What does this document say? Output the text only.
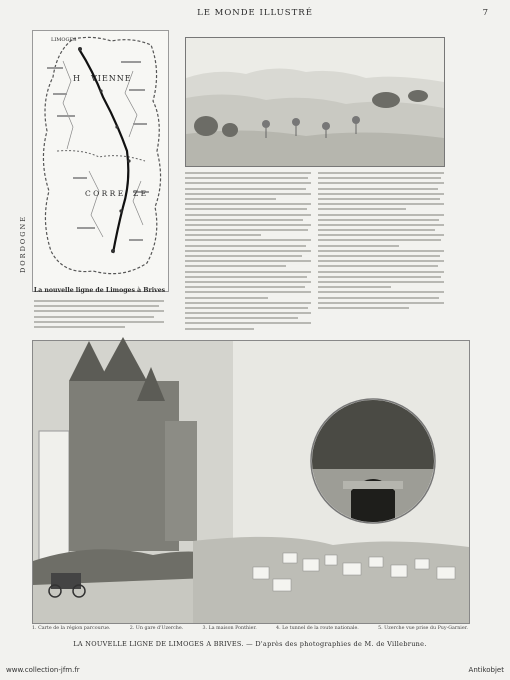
LE MONDE ILLUSTRÉ	7
LIMOGES
H VIENNE
C O R R E Z E
D O R D O G N E
La nouvelle ligne de Limoges à Brives
1. Carte de la région parcourue.	2. Un gare d'Uzerche.	3. La maison Ponthier.	4. Le tunnel de la route nationale.	5. Uzerche vue prise du Puy-Garnier.
LA NOUVELLE LIGNE DE LIMOGES A BRIVES. — D'après des photographies de M. de Villebrune.
www.collection-jfm.fr	Antikobjet
